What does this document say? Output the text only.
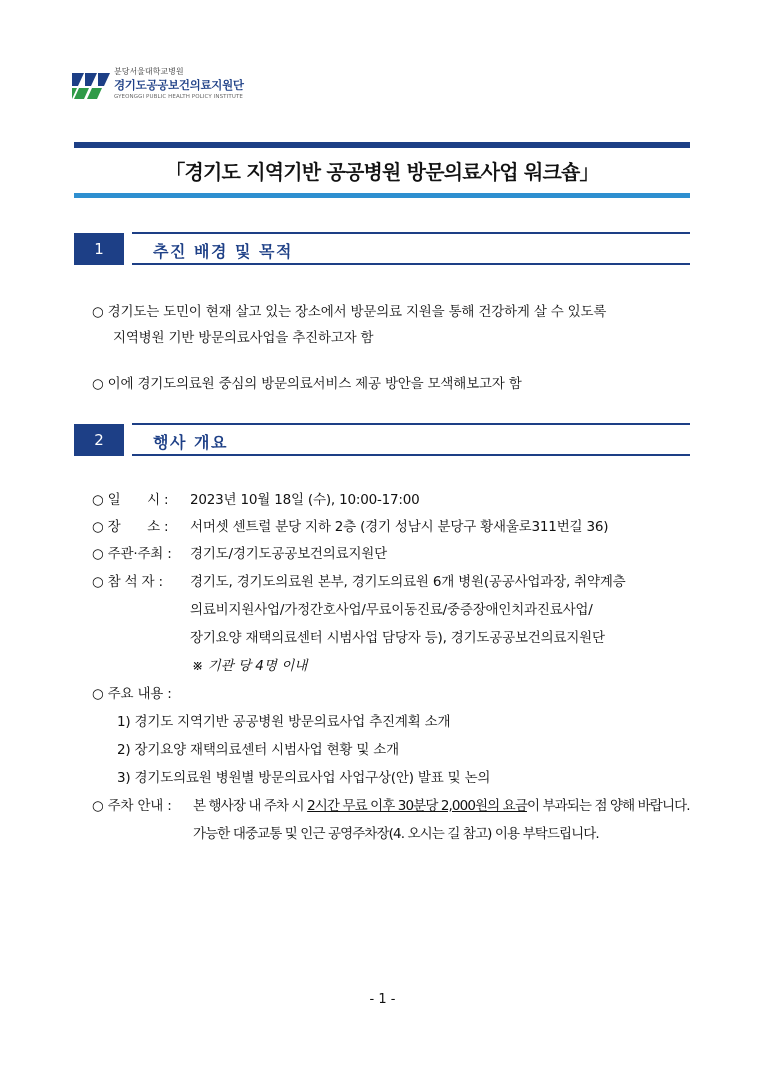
분당서울대학교병원
경기도공공보건의료지원단
GYEONGGI PUBLIC HEALTH POLICY INSTITUTE
「경기도 지역기반 공공병원 방문의료사업 워크숍」
1	추진 배경 및 목적
○ 경기도는 도민이 현재 살고 있는 장소에서 방문의료 지원을 통해 건강하게 살 수 있도록
지역병원 기반 방문의료사업을 추진하고자 함
○ 이에 경기도의료원 중심의 방문의료서비스 제공 방안을 모색해보고자 함
2	행사 개요
○ 일　　시 : 2023년 10월 18일 (수), 10:00-17:00
○ 장　　소 : 서머셋 센트럴 분당 지하 2층 (경기 성남시 분당구 황새울로311번길 36)
○ 주관·주최 : 경기도/경기도공공보건의료지원단
○ 참 석 자 : 경기도, 경기도의료원 본부, 경기도의료원 6개 병원(공공사업과장, 취약계층
의료비지원사업/가정간호사업/무료이동진료/중증장애인치과진료사업/
장기요양 재택의료센터 시범사업 담당자 등), 경기도공공보건의료지원단
※ 기관 당 4명 이내
○ 주요 내용 :
1) 경기도 지역기반 공공병원 방문의료사업 추진계획 소개
2) 장기요양 재택의료센터 시범사업 현황 및 소개
3) 경기도의료원 병원별 방문의료사업 사업구상(안) 발표 및 논의
○ 주차 안내 : 본 행사장 내 주차 시 2시간 무료 이후 30분당 2,000원의 요금이 부과되는 점 양해 바랍니다.
가능한 대중교통 및 인근 공영주차장(4. 오시는 길 참고) 이용 부탁드립니다.
- 1 -
